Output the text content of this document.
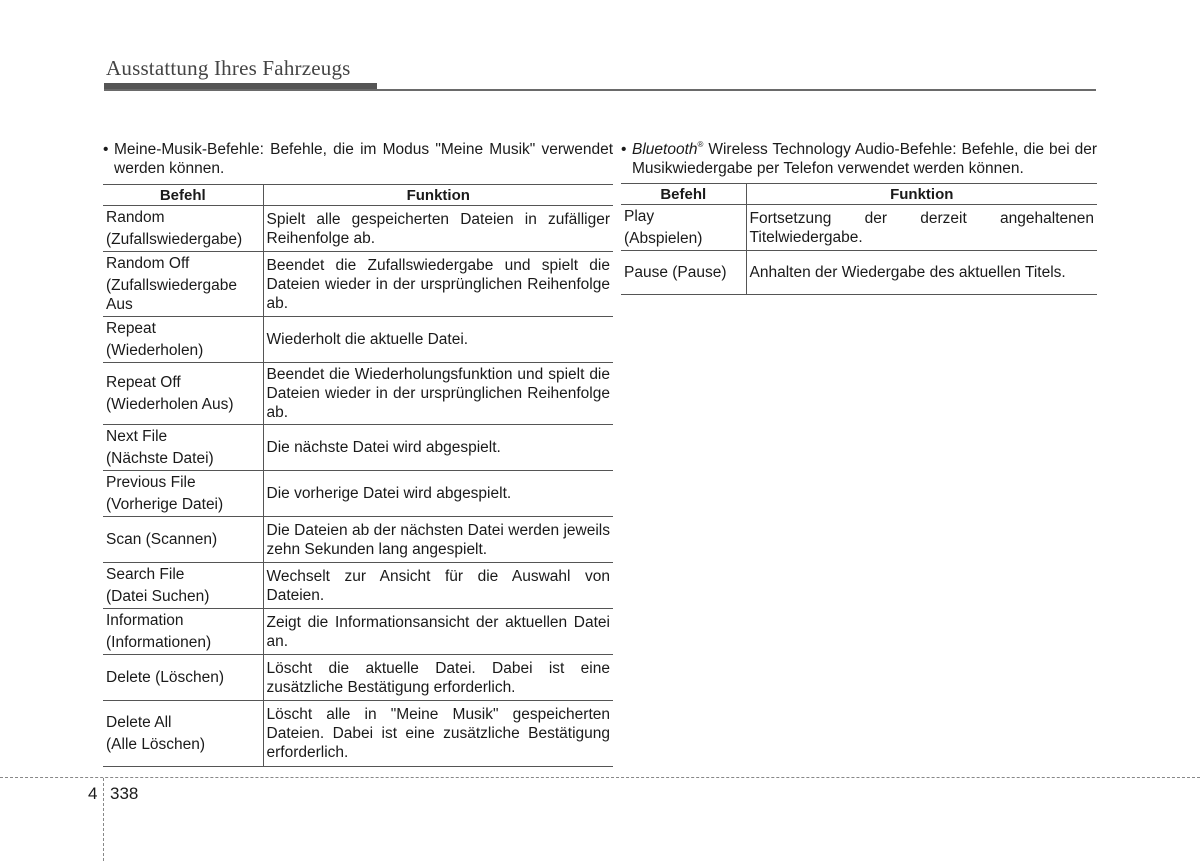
Ausstattung Ihres Fahrzeugs
• Meine-Musik-Befehle: Befehle, die im Modus "Meine Musik" verwendet werden können.
Befehl	Funktion

Random
(Zufallswiedergabe)	Spielt alle gespeicherten Dateien in zufälliger Reihenfolge ab.

Random Off
(Zufallswiedergabe Aus	Beendet die Zufallswiedergabe und spielt die Dateien wieder in der ursprünglichen Reihenfolge ab.

Repeat
(Wiederholen)	Wiederholt die aktuelle Datei.

Repeat Off
(Wiederholen Aus)	Beendet die Wiederholungsfunktion und spielt die Dateien wieder in der ursprünglichen Reihenfolge ab.

Next File
(Nächste Datei)	Die nächste Datei wird abgespielt.

Previous File
(Vorherige Datei)	Die vorherige Datei wird abgespielt.

Scan (Scannen)	Die Dateien ab der nächsten Datei werden jeweils zehn Sekunden lang angespielt.

Search File
(Datei Suchen)	Wechselt zur Ansicht für die Auswahl von Dateien.

Information
(Informationen)	Zeigt die Informationsansicht der aktuellen Datei an.

Delete (Löschen)	Löscht die aktuelle Datei. Dabei ist eine zusätzliche Bestätigung erforderlich.

Delete All
(Alle Löschen)	Löscht alle in "Meine Musik" gespeicherten Dateien. Dabei ist eine zusätzliche Bestätigung erforderlich.
• Bluetooth® Wireless Technology Audio-Befehle: Befehle, die bei der Musikwiedergabe per Telefon verwendet werden können.
Befehl	Funktion

Play
(Abspielen)	Fortsetzung der derzeit angehaltenen Titelwiedergabe.

Pause (Pause)	Anhalten der Wiedergabe des aktuellen Titels.
4 338
